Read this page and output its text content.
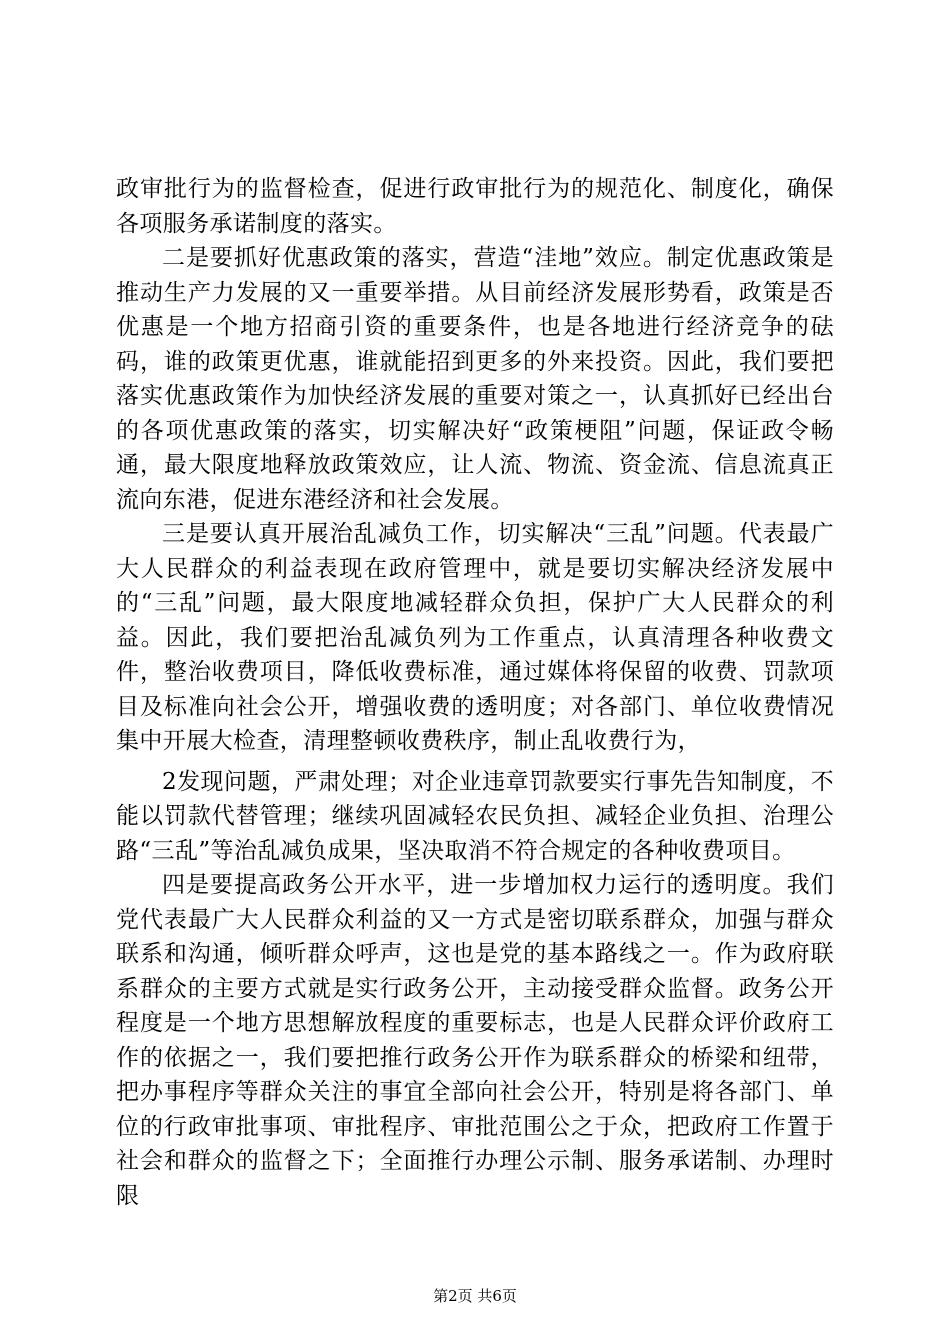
政审批行为的监督检查，促进行政审批行为的规范化、制度化，确保各项服务承诺制度的落实。

二是要抓好优惠政策的落实，营造“洼地”效应。制定优惠政策是推动生产力发展的又一重要举措。从目前经济发展形势看，政策是否优惠是一个地方招商引资的重要条件，也是各地进行经济竞争的砝码，谁的政策更优惠，谁就能招到更多的外来投资。因此，我们要把落实优惠政策作为加快经济发展的重要对策之一，认真抓好已经出台的各项优惠政策的落实，切实解决好“政策梗阻”问题，保证政令畅通，最大限度地释放政策效应，让人流、物流、资金流、信息流真正流向东港，促进东港经济和社会发展。

三是要认真开展治乱减负工作，切实解决“三乱”问题。代表最广大人民群众的利益表现在政府管理中，就是要切实解决经济发展中的“三乱”问题，最大限度地减轻群众负担，保护广大人民群众的利益。因此，我们要把治乱减负列为工作重点，认真清理各种收费文件，整治收费项目，降低收费标准，通过媒体将保留的收费、罚款项目及标准向社会公开，增强收费的透明度；对各部门、单位收费情况集中开展大检查，清理整顿收费秩序，制止乱收费行为，

2发现问题，严肃处理；对企业违章罚款要实行事先告知制度，不能以罚款代替管理；继续巩固减轻农民负担、减轻企业负担、治理公路“三乱”等治乱减负成果，坚决取消不符合规定的各种收费项目。

四是要提高政务公开水平，进一步增加权力运行的透明度。我们党代表最广大人民群众利益的又一方式是密切联系群众，加强与群众联系和沟通，倾听群众呼声，这也是党的基本路线之一。作为政府联系群众的主要方式就是实行政务公开，主动接受群众监督。政务公开程度是一个地方思想解放程度的重要标志，也是人民群众评价政府工作的依据之一，我们要把推行政务公开作为联系群众的桥梁和纽带，把办事程序等群众关注的事宜全部向社会公开，特别是将各部门、单位的行政审批事项、审批程序、审批范围公之于众，把政府工作置于社会和群众的监督之下；全面推行办理公示制、服务承诺制、办理时限

第2页 共6页
